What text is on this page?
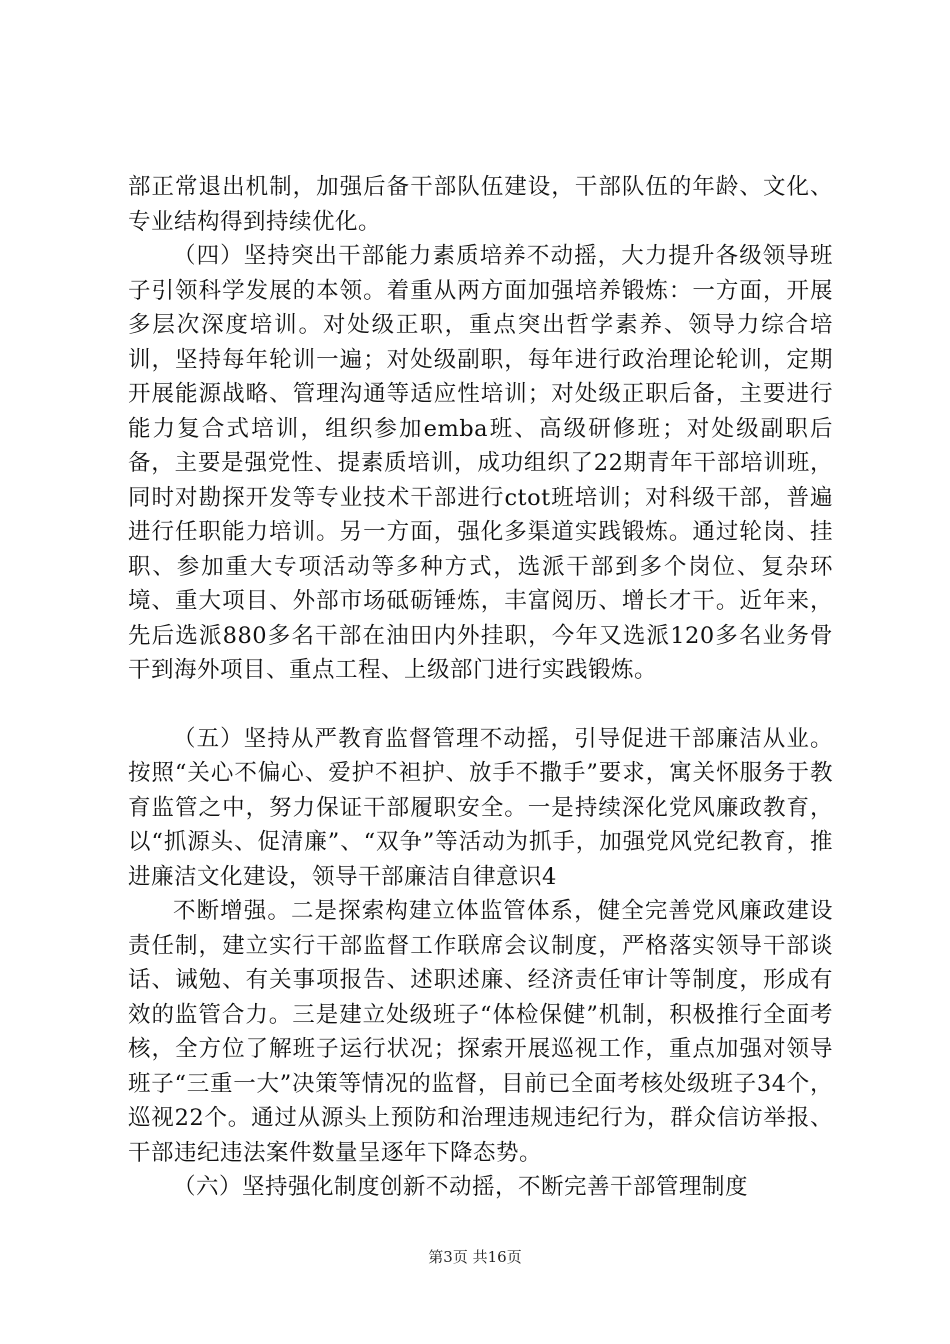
部正常退出机制，加强后备干部队伍建设，干部队伍的年龄、文化、专业结构得到持续优化。

（四）坚持突出干部能力素质培养不动摇，大力提升各级领导班子引领科学发展的本领。着重从两方面加强培养锻炼：一方面，开展多层次深度培训。对处级正职，重点突出哲学素养、领导力综合培训，坚持每年轮训一遍；对处级副职，每年进行政治理论轮训，定期开展能源战略、管理沟通等适应性培训；对处级正职后备，主要进行能力复合式培训，组织参加emba班、高级研修班；对处级副职后备，主要是强党性、提素质培训，成功组织了22期青年干部培训班，同时对勘探开发等专业技术干部进行ctot班培训；对科级干部，普遍进行任职能力培训。另一方面，强化多渠道实践锻炼。通过轮岗、挂职、参加重大专项活动等多种方式，选派干部到多个岗位、复杂环境、重大项目、外部市场砥砺锤炼，丰富阅历、增长才干。近年来，先后选派880多名干部在油田内外挂职，今年又选派120多名业务骨干到海外项目、重点工程、上级部门进行实践锻炼。

（五）坚持从严教育监督管理不动摇，引导促进干部廉洁从业。按照“关心不偏心、爱护不袒护、放手不撒手”要求，寓关怀服务于教育监管之中，努力保证干部履职安全。一是持续深化党风廉政教育，以“抓源头、促清廉”、“双争”等活动为抓手，加强党风党纪教育，推进廉洁文化建设，领导干部廉洁自律意识4

不断增强。二是探索构建立体监管体系，健全完善党风廉政建设责任制，建立实行干部监督工作联席会议制度，严格落实领导干部谈话、诫勉、有关事项报告、述职述廉、经济责任审计等制度，形成有效的监管合力。三是建立处级班子“体检保健”机制，积极推行全面考核，全方位了解班子运行状况；探索开展巡视工作，重点加强对领导班子“三重一大”决策等情况的监督，目前已全面考核处级班子34个，巡视22个。通过从源头上预防和治理违规违纪行为，群众信访举报、干部违纪违法案件数量呈逐年下降态势。

（六）坚持强化制度创新不动摇，不断完善干部管理制度

第3页 共16页
